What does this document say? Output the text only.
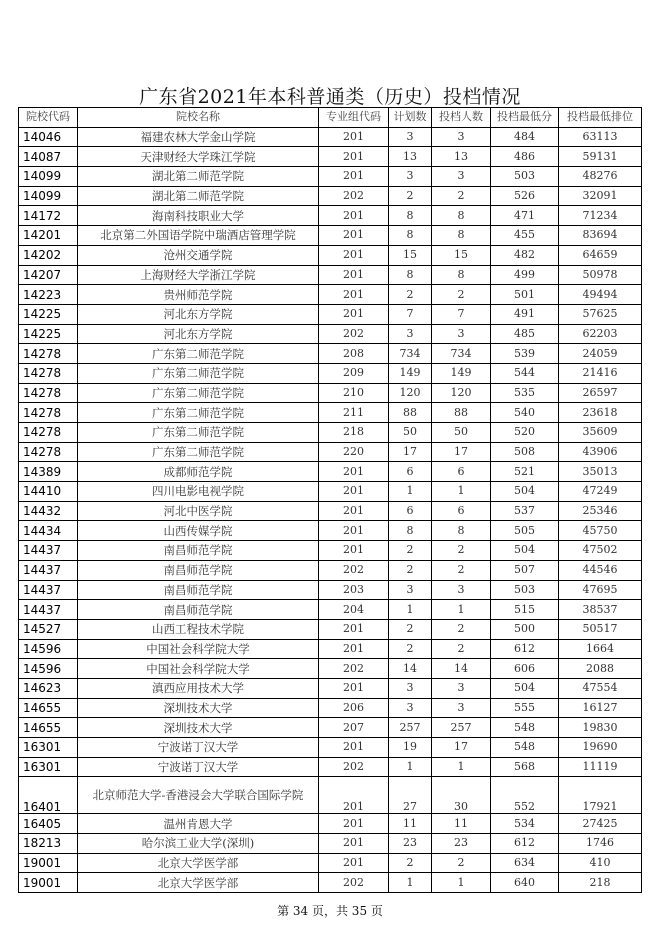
广东省2021年本科普通类（历史）投档情况
院校代码	院校名称	专业组代码	计划数	投档人数	投档最低分	投档最低排位
14046	福建农林大学金山学院	201	3	3	484	63113
14087	天津财经大学珠江学院	201	13	13	486	59131
14099	湖北第二师范学院	201	3	3	503	48276
14099	湖北第二师范学院	202	2	2	526	32091
14172	海南科技职业大学	201	8	8	471	71234
14201	北京第二外国语学院中瑞酒店管理学院	201	8	8	455	83694
14202	沧州交通学院	201	15	15	482	64659
14207	上海财经大学浙江学院	201	8	8	499	50978
14223	贵州师范学院	201	2	2	501	49494
14225	河北东方学院	201	7	7	491	57625
14225	河北东方学院	202	3	3	485	62203
14278	广东第二师范学院	208	734	734	539	24059
14278	广东第二师范学院	209	149	149	544	21416
14278	广东第二师范学院	210	120	120	535	26597
14278	广东第二师范学院	211	88	88	540	23618
14278	广东第二师范学院	218	50	50	520	35609
14278	广东第二师范学院	220	17	17	508	43906
14389	成都师范学院	201	6	6	521	35013
14410	四川电影电视学院	201	1	1	504	47249
14432	河北中医学院	201	6	6	537	25346
14434	山西传媒学院	201	8	8	505	45750
14437	南昌师范学院	201	2	2	504	47502
14437	南昌师范学院	202	2	2	507	44546
14437	南昌师范学院	203	3	3	503	47695
14437	南昌师范学院	204	1	1	515	38537
14527	山西工程技术学院	201	2	2	500	50517
14596	中国社会科学院大学	201	2	2	612	1664
14596	中国社会科学院大学	202	14	14	606	2088
14623	滇西应用技术大学	201	3	3	504	47554
14655	深圳技术大学	206	3	3	555	16127
14655	深圳技术大学	207	257	257	548	19830
16301	宁波诺丁汉大学	201	19	17	548	19690
16301	宁波诺丁汉大学	202	1	1	568	11119
16401	北京师范大学-香港浸会大学联合国际学院	201	27	30	552	17921
16405	温州肯恩大学	201	11	11	534	27425
18213	哈尔滨工业大学(深圳)	201	23	23	612	1746
19001	北京大学医学部	201	2	2	634	410
19001	北京大学医学部	202	1	1	640	218
第 34 页，共 35 页
